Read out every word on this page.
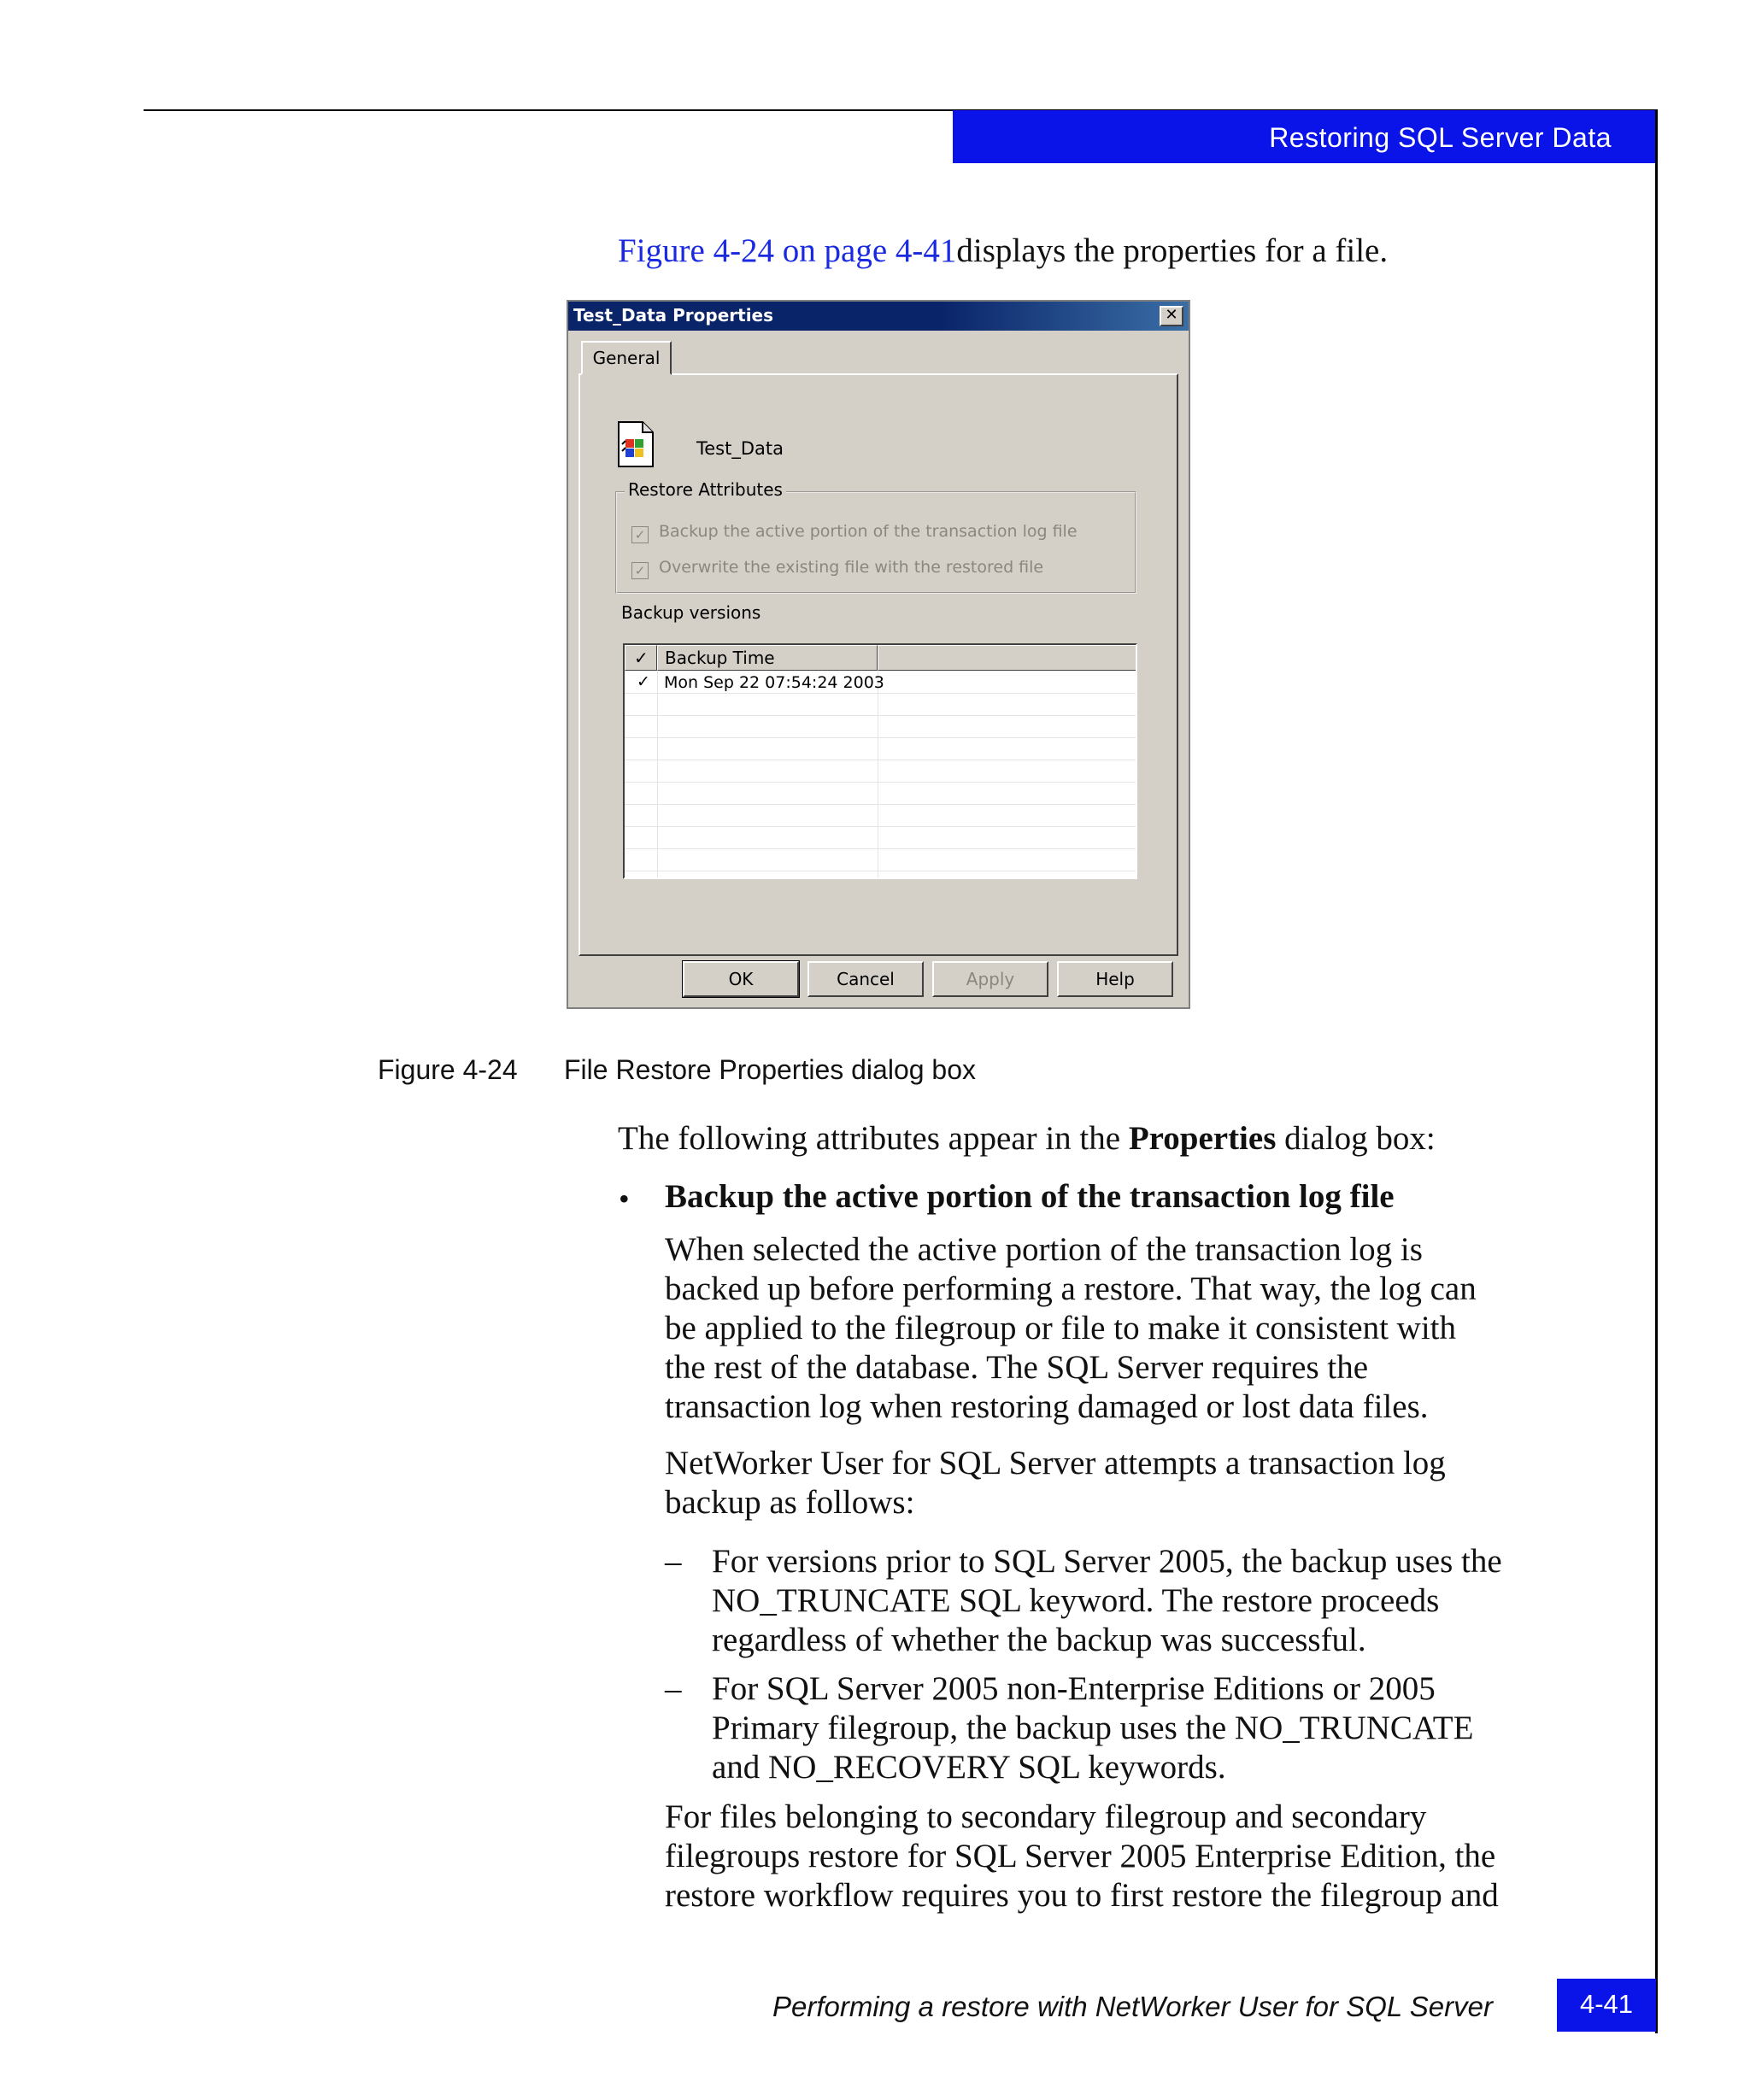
Restoring SQL Server Data
Figure 4-24 on page 4-41displays the properties for a file.
Test_Data Properties	✕
General
Test_Data
Restore Attributes
✓ Backup the active portion of the transaction log file
✓ Overwrite the existing file with the restored file
Backup versions
✓ Backup Time
✓ Mon Sep 22 07:54:24 2003
OK	Cancel	Apply	Help
Figure 4-24 File Restore Properties dialog box
The following attributes appear in the Properties dialog box:
• Backup the active portion of the transaction log file
When selected the active portion of the transaction log is
backed up before performing a restore. That way, the log can
be applied to the filegroup or file to make it consistent with
the rest of the database. The SQL Server requires the
transaction log when restoring damaged or lost data files.
NetWorker User for SQL Server attempts a transaction log
backup as follows:
– For versions prior to SQL Server 2005, the backup uses the
NO_TRUNCATE SQL keyword. The restore proceeds
regardless of whether the backup was successful.
– For SQL Server 2005 non-Enterprise Editions or 2005
Primary filegroup, the backup uses the NO_TRUNCATE
and NO_RECOVERY SQL keywords.
For files belonging to secondary filegroup and secondary
filegroups restore for SQL Server 2005 Enterprise Edition, the
restore workflow requires you to first restore the filegroup and
Performing a restore with NetWorker User for SQL Server	4-41
